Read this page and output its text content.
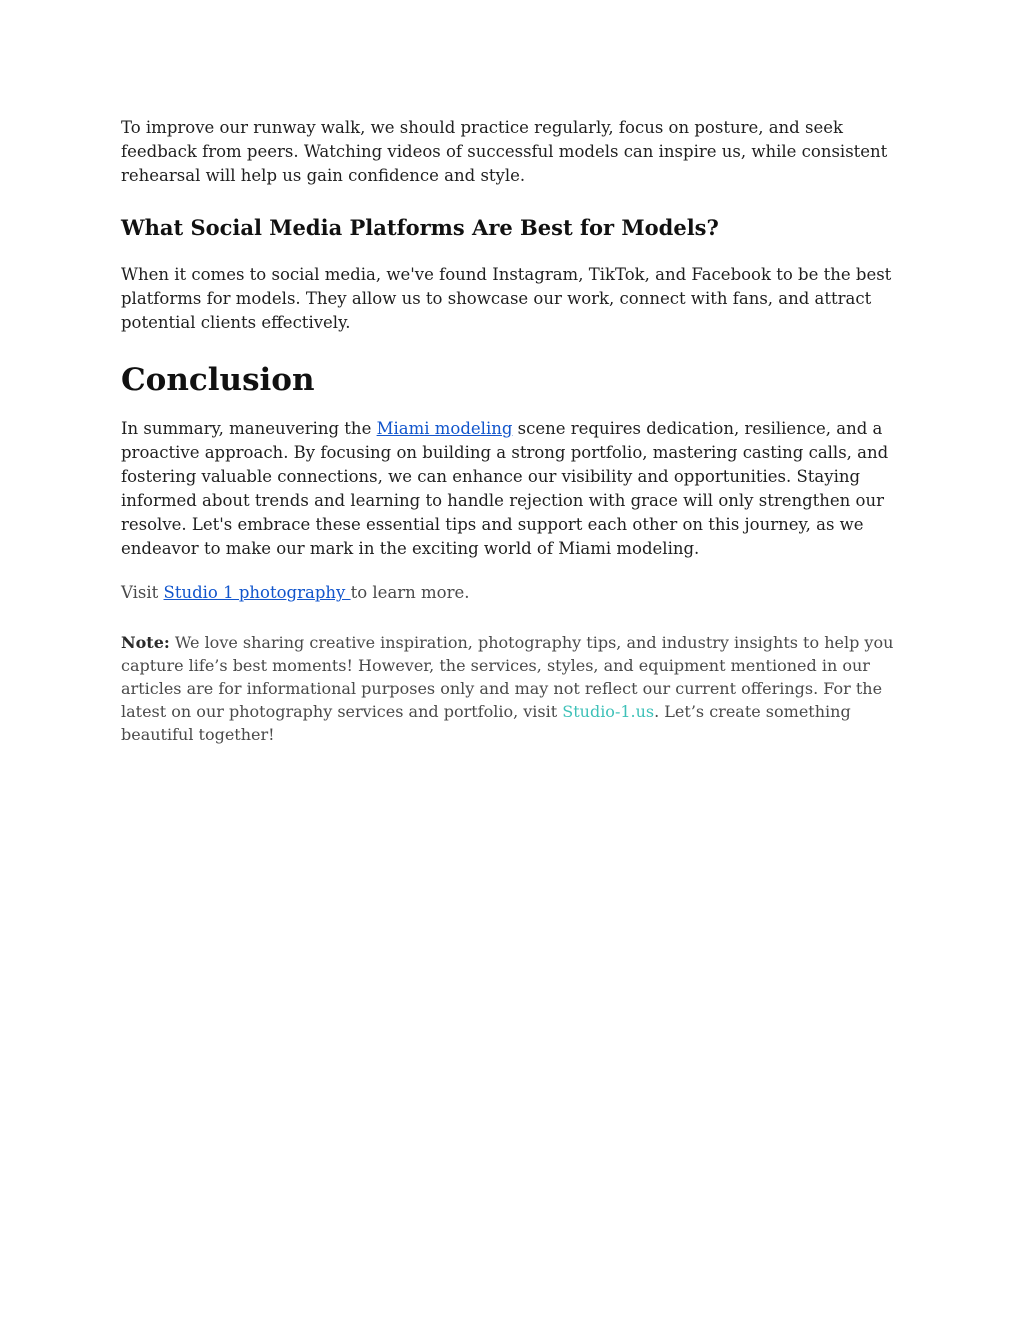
To improve our runway walk, we should practice regularly, focus on posture, and seek feedback from peers. Watching videos of successful models can inspire us, while consistent rehearsal will help us gain confidence and style.

What Social Media Platforms Are Best for Models?

When it comes to social media, we've found Instagram, TikTok, and Facebook to be the best platforms for models. They allow us to showcase our work, connect with fans, and attract potential clients effectively.

Conclusion

In summary, maneuvering the Miami modeling scene requires dedication, resilience, and a proactive approach. By focusing on building a strong portfolio, mastering casting calls, and fostering valuable connections, we can enhance our visibility and opportunities. Staying informed about trends and learning to handle rejection with grace will only strengthen our resolve. Let's embrace these essential tips and support each other on this journey, as we endeavor to make our mark in the exciting world of Miami modeling.

Visit Studio 1 photography to learn more.

Note: We love sharing creative inspiration, photography tips, and industry insights to help you capture life’s best moments! However, the services, styles, and equipment mentioned in our articles are for informational purposes only and may not reflect our current offerings. For the latest on our photography services and portfolio, visit Studio-1.us. Let’s create something beautiful together!
